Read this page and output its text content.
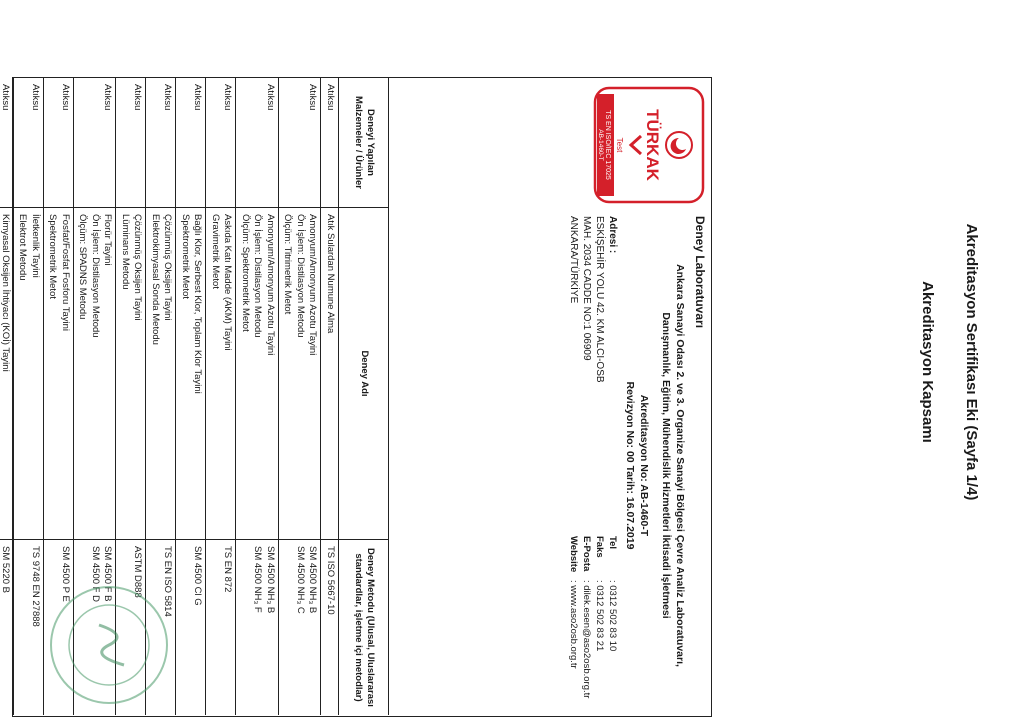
Akreditasyon Sertifikası Eki (Sayfa 1/4)
Akreditasyon Kapsamı
TÜRKAK
Test
TS EN ISO/IEC 17025
AB-1460-T
Deney Laboratuvarı
Ankara Sanayi Odası 2. ve 3. Organize Sanayi Bölgesi Çevre Analiz Laboratuvarı,
Danışmanlık, Eğitim, Mühendislik Hizmetleri İktisadi İşletmesi
Akreditasyon No: AB-1460-T
Revizyon No: 00 Tarih: 16.07.2019
Adresi :
ESKİŞEHİR YOLU 42. KM ALCI-OSB
MAH. 2034 CADDE NO:1 06909
ANKARA/TÜRKİYE
Tel
: 0312 502 83 10
Faks
: 0312 502 83 21
E-Posta
: dilek.esen@aso2osb.org.tr
Website
: www.aso2osb.org.tr
Deneyi Yapılan Malzemeler / Ürünler
Deney Adı
Deney Metodu (Ulusal, Uluslararası standardlar, işletme içi metodlar)
Atıksu
Atık Sulardan Numune Alma
TS ISO 5667-10
Atıksu
Amonyum/Amonyum Azotu Tayini
Ön İşlem: Distilasyon Metodu
Ölçüm: Titrimetrik Metot
SM 4500 NH₃ B
SM 4500 NH₃ C
Atıksu
Amonyum/Amonyum Azotu Tayini
Ön İşlem: Distilasyon Metodu
Ölçüm: Spektrometrik Metot
SM 4500 NH₃ B
SM 4500 NH₃ F
Atıksu
Askıda Katı Madde (AKM) Tayini
Gravimetrik Metot
TS EN 872
Atıksu
Bağlı Klor, Serbest Klor, Toplam Klor Tayini
Spektrometrik Metot
SM 4500 Cl G
Atıksu
Çözünmüş Oksijen Tayini
Elektrokimyasal Sonda Metodu
TS EN ISO 5814
Atıksu
Çözünmüş Oksijen Tayini
Lüminans Metodu
ASTM D888
Atıksu
Florür Tayini
Ön İşlem: Distilasyon Metodu
Ölçüm: SPADNS Metodu
SM 4500 F B
SM 4500 F D
Atıksu
Fosfat/Fosfat Fosforu Tayini
Spektrometrik Metot
SM 4500 P E
Atıksu
İletkenlik Tayini
Elektrot Metodu
TS 9748 EN 27888
Atıksu
Kimyasal Oksijen İhtiyacı (KOİ) Tayini
SM 5220 B
